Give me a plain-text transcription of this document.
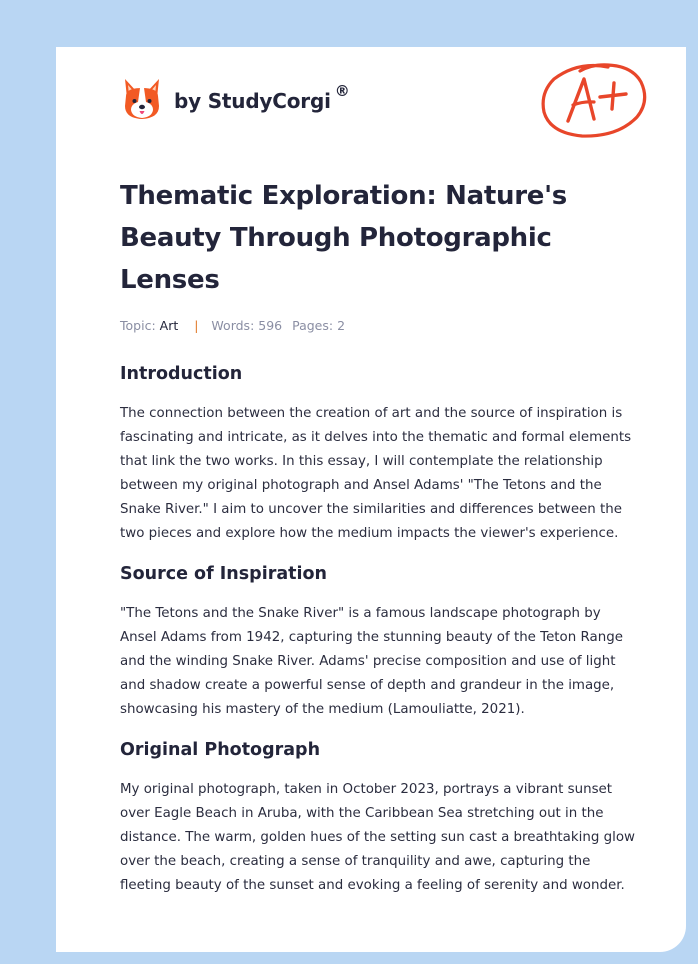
by StudyCorgi ®
Thematic Exploration: Nature's Beauty Through Photographic Lenses
Topic: Art | Words: 596 Pages: 2
Introduction

The connection between the creation of art and the source of inspiration is fascinating and intricate, as it delves into the thematic and formal elements that link the two works. In this essay, I will contemplate the relationship between my original photograph and Ansel Adams' "The Tetons and the Snake River." I aim to uncover the similarities and differences between the two pieces and explore how the medium impacts the viewer's experience.

Source of Inspiration

"The Tetons and the Snake River" is a famous landscape photograph by Ansel Adams from 1942, capturing the stunning beauty of the Teton Range and the winding Snake River. Adams' precise composition and use of light and shadow create a powerful sense of depth and grandeur in the image, showcasing his mastery of the medium (Lamouliatte, 2021).

Original Photograph

My original photograph, taken in October 2023, portrays a vibrant sunset over Eagle Beach in Aruba, with the Caribbean Sea stretching out in the distance. The warm, golden hues of the setting sun cast a breathtaking glow over the beach, creating a sense of tranquility and awe, capturing the fleeting beauty of the sunset and evoking a feeling of serenity and wonder.
